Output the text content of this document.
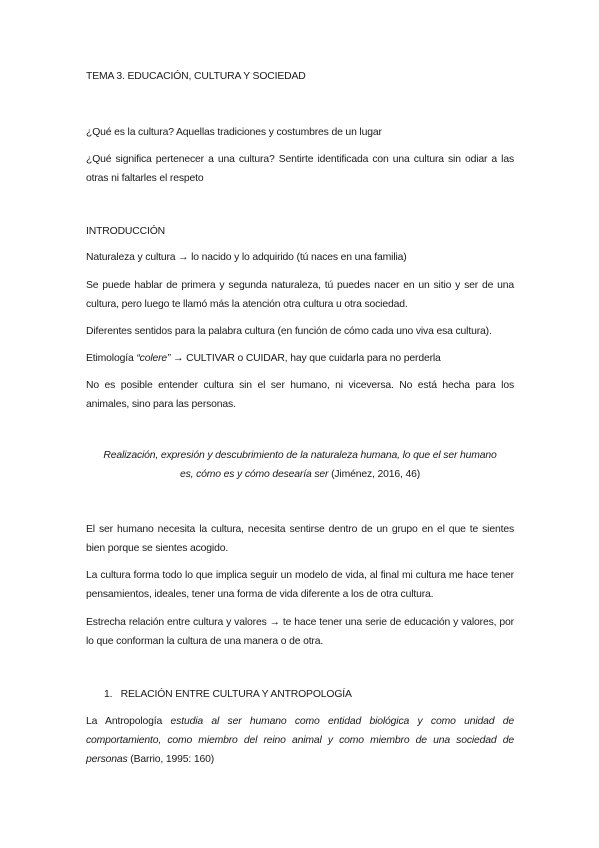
TEMA 3. EDUCACIÓN, CULTURA Y SOCIEDAD
¿Qué es la cultura? Aquellas tradiciones y costumbres de un lugar
¿Qué significa pertenecer a una cultura? Sentirte identificada con una cultura sin odiar a las otras ni faltarles el respeto
INTRODUCCIÓN
Naturaleza y cultura → lo nacido y lo adquirido (tú naces en una familia)
Se puede hablar de primera y segunda naturaleza, tú puedes nacer en un sitio y ser de una cultura, pero luego te llamó más la atención otra cultura u otra sociedad.
Diferentes sentidos para la palabra cultura (en función de cómo cada uno viva esa cultura).
Etimología “colere” → CULTIVAR o CUIDAR, hay que cuidarla para no perderla
No es posible entender cultura sin el ser humano, ni viceversa. No está hecha para los animales, sino para las personas.
Realización, expresión y descubrimiento de la naturaleza humana, lo que el ser humano
es, cómo es y cómo desearía ser (Jiménez, 2016, 46)
El ser humano necesita la cultura, necesita sentirse dentro de un grupo en el que te sientes bien porque se sientes acogido.
La cultura forma todo lo que implica seguir un modelo de vida, al final mi cultura me hace tener pensamientos, ideales, tener una forma de vida diferente a los de otra cultura.
Estrecha relación entre cultura y valores → te hace tener una serie de educación y valores, por lo que conforman la cultura de una manera o de otra.
1. RELACIÓN ENTRE CULTURA Y ANTROPOLOGÍA
La Antropología estudia al ser humano como entidad biológica y como unidad de comportamiento, como miembro del reino animal y como miembro de una sociedad de personas (Barrio, 1995: 160)
